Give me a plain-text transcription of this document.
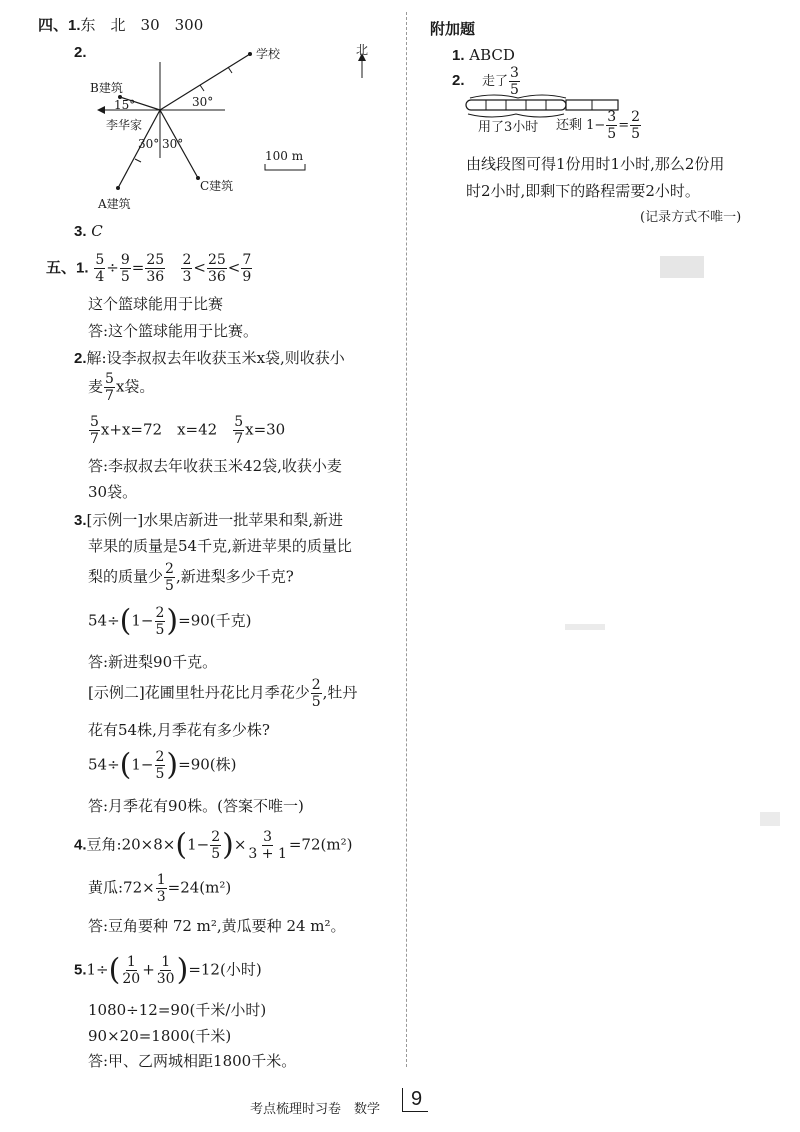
四、1.东　北　30　300
2.	学校
B建筑
15°	30°
李华家
A建筑
C建筑
30° 30°
北
100 m
3. C
五、1. $\frac{5}{4} \div \frac{9}{5} = \frac{25}{36}$
$\frac{2}{3} < \frac{25}{36} < \frac{7}{9}$
这个篮球能用于比赛
答:这个篮球能用于比赛。
2.解:设李叔叔去年收获玉米x袋,则收获小
麦 $\frac{5}{7}$ x袋。
$\frac{5}{7} x+x=72$　x=42　 $\frac{5}{7} x=30$
答:李叔叔去年收获玉米42袋,收获小麦
30袋。
3.[示例一]水果店新进一批苹果和梨,新进
苹果的质量是54千克,新进苹果的质量比
梨的质量少 $\frac{2}{5}$ ,新进梨多少千克?
$54\div(1- \frac{2}{5} )=90$(千克)
答:新进梨90千克。
[示例二]花圃里牡丹花比月季花少 $\frac{2}{5}$ ,牡丹
花有54株,月季花有多少株?
$54\div(1- \frac{2}{5} )=90$(株)
答:月季花有90株。(答案不唯一)
4.豆角:20×8×(1− $\frac{2}{5}$ )× $\frac{3}{3 + 1} =72(m^2)$
黄瓜:72× $\frac{1}{3} =24(m^2)$
答:豆角要种 72 m²,黄瓜要种 24 m²。
$5.1\div( \frac{1}{20} + \frac{1}{30} )=12$(小时)
1080÷12=90(千米/小时)
90×20=1800(千米)
答:甲、乙两城相距1800千米。
附加题
1. ABCD
2. 走了 $\frac{3}{5}$
用了3小时 还剩 $1- \frac{3}{5} = \frac{2}{5}$
由线段图可得1份用时1小时,那么2份用
时2小时,即剩下的路程需要2小时。
(记录方式不唯一)
考点梳理时习卷　数学	9
